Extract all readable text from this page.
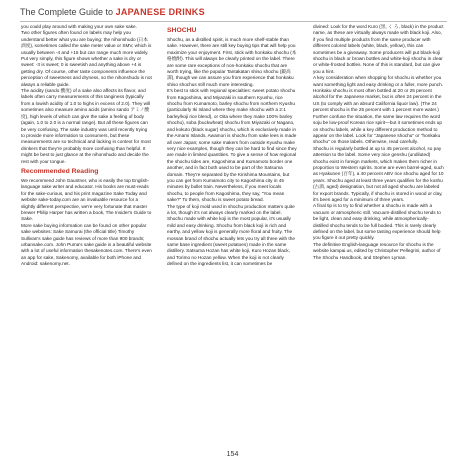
The Complete Guide to JAPANESE DRINKS

you could play around with making your own sake sake.

Two other figures often found on labels may help you understand better what you are buying: the nihonshudo (日本酒度), sometimes called the sake meter value or SMV, which is usually between -4 and +15 but can range much more widely. Put very simply, this figure shows whether a sake is dry or sweet: -3 is sweet; 0 is sweetish and anything above +4 is getting dry. Of course, other taste components influence the perception of sweetness and dryness, so the nihonshudo is not always a reliable guide.

The acidity (sando 酸度) of a sake also affects its flavor, and labels often carry measurements of this tanginess (typically from a lowish acidity of 1.0 to highs in excess of 2.0). They will sometimes also measure amino acids (amino sando アミノ酸度), high levels of which can give the sake a feeling of body (again, 1.0 to 2.0 is a normal range). But all these figures can be very confusing. The sake industry was until recently trying to provide more information to consumers, but these measurements are so technical and lacking in context for most drinkers that they're probably more confusing than helpful. It might be best to just glance at the nihonshudo and decide the rest with your tongue.

Recommended Reading

We recommend John Gauntner, who is easily the top English-language sake writer and educator. His books are must-reads for the sake-curious, and his print magazine Sake Today and website sake-today.com are an invaluable resource for a slightly different perspective, we're very fortunate that master brewer Philip Harper has written a book, The Insider's Guide to Sake.

More sake buying information can be found on other popular sake websites: Sake Samurai (the official title) Timothy Sullivan's sake guide has reviews of more than 900 brands; urbansake.com. John Puma's sake guide is a beautiful website with a lot of useful information thesakenotes.com. There's even an app for sake, Sakenomy, available for both iPhone and Android: sakenomy.net.

SHOCHU

Shochu, as a distilled spirit, is much more shelf-stable than sake. However, there are still key buying tips that will help you maximize your enjoyment. First, stick with honkaku shochu (本格焼酎). This will always be clearly printed on the label. There are some rare exceptions of non-honkaku shochu that are worth trying, like the popular Tantakatan shiso shochu (鍛高譚), though we can assure you from experience that honkaku shiso shochus still much more interesting.

It's best to stick with regional specialties: sweet potato shochu from Kagoshima, and Miyazaki in southern Kyushu, rice shochu from Kumamoto, barley shochu from northern Kyushu (particularly Iki Island where they make shochu with a 2:1 barley/koji rice blend), or Oita where they make 100% barley shochu), soba (buckwheat) shochu from Miyazaki or Nagano, and kokuto (black sugar) shochu, which is exclusively made in the Amami Islands. Awamori is shochu from sake lees is made all over Japan; some sake makers from outside Kyushu make very nice examples, though they can be hard to find since they are made in limited quantities. To give a sense of how regional the shochu tides are, Kagoshima and Kumamoto border one another, and in fact both used to be part of the Satsuma domain. They're separated by the Kirishima Mountains, but you can get from Kumamoto city to Kagoshima city in 45 minutes by bullet train. Nevertheless, if you meet locals shochu, to people from Kagoshima, they say, "You mean sake?" To them, shochu is sweet potato bread.

The type of koji mold used in shochu production matters quite a lot, though it's not always clearly marked on the label. Shochu made with white koji is the most popular, it's usually mild and easy drinking. Shochu from black koji is rich and earthy, and yellow koji is generally more floral and fruity. The mossan brand of shochu actually lets you try all three with the same base ingredient (sweet potatoes) made in the same distillery. Satsuma Hozan has white koji, Kuro Hozan black, and Torimo no Hozan yellow. When the koji is not clearly defined on the ingredients list, it can sometimes be

divined: Look for the word Kuro (黒, く ろ, black) in the product name, as these are virtually always made with black koji. Also, if you find multiple products from the same producer with different colored labels (white, black, yellow), this can sometimes be a giveaway. Some producers will put black-koji shochu in black or brown bottles and white-koji shochu in clear or white-frosted bottles. None of this is standard, but can give you a hint.

A key consideration when shopping for shochu is whether you want something light and easy drinking or a fuller, more punch. Honkaku shochu is most often bottled at 20 or 25 percent alcohol for the Japanese market, but is often 24 percent in the US (to comply with an absurd California liquor law). (The 24 percent shochu is the 25 percent with 1 percent more water.) Further confuse the situation, the same law requires the word soju be low-proof Korean rice spirit—but it sometimes ends up on shochu labels, while a key different production method to appear on the label. Look for "Japanese shochu" or "honkaku shochu" on those labels. Otherwise, read carefully.

Shochu is regularly bottled at up to 45 percent alcohol, so pay attention to the label. Some very nice genshu (undiluted) shochu exist in foreign markets, which makes them richer in proportion to Western spirits. Some are even barrel-aged, such as Hyakunen (百年), a 40 percent ABV rice shochu aged for 10 years. Shochu aged at least three years qualifies for the koshu (古酒, aged) designation, but not all aged shochu are labeled for export brands. Typically, if shochu is stored in wood or clay, it's been aged for a minimum of three years.

A final tip is to try to find whether a shochu is made with a vacuum or atmospheric still. Vacuum-distilled shochu tends to be light, clean and easy drinking, while atmospherically-distilled shochu tends to be full bodied. This is rarely clearly defined on the label, but some tasting experience should help you figure it out pretty quickly.

The definitive English-language resource for shochu is the website kampai.us, edited by Christopher Pellegrini, author of The Shochu Handbook, and Stephen Lyman.

154
